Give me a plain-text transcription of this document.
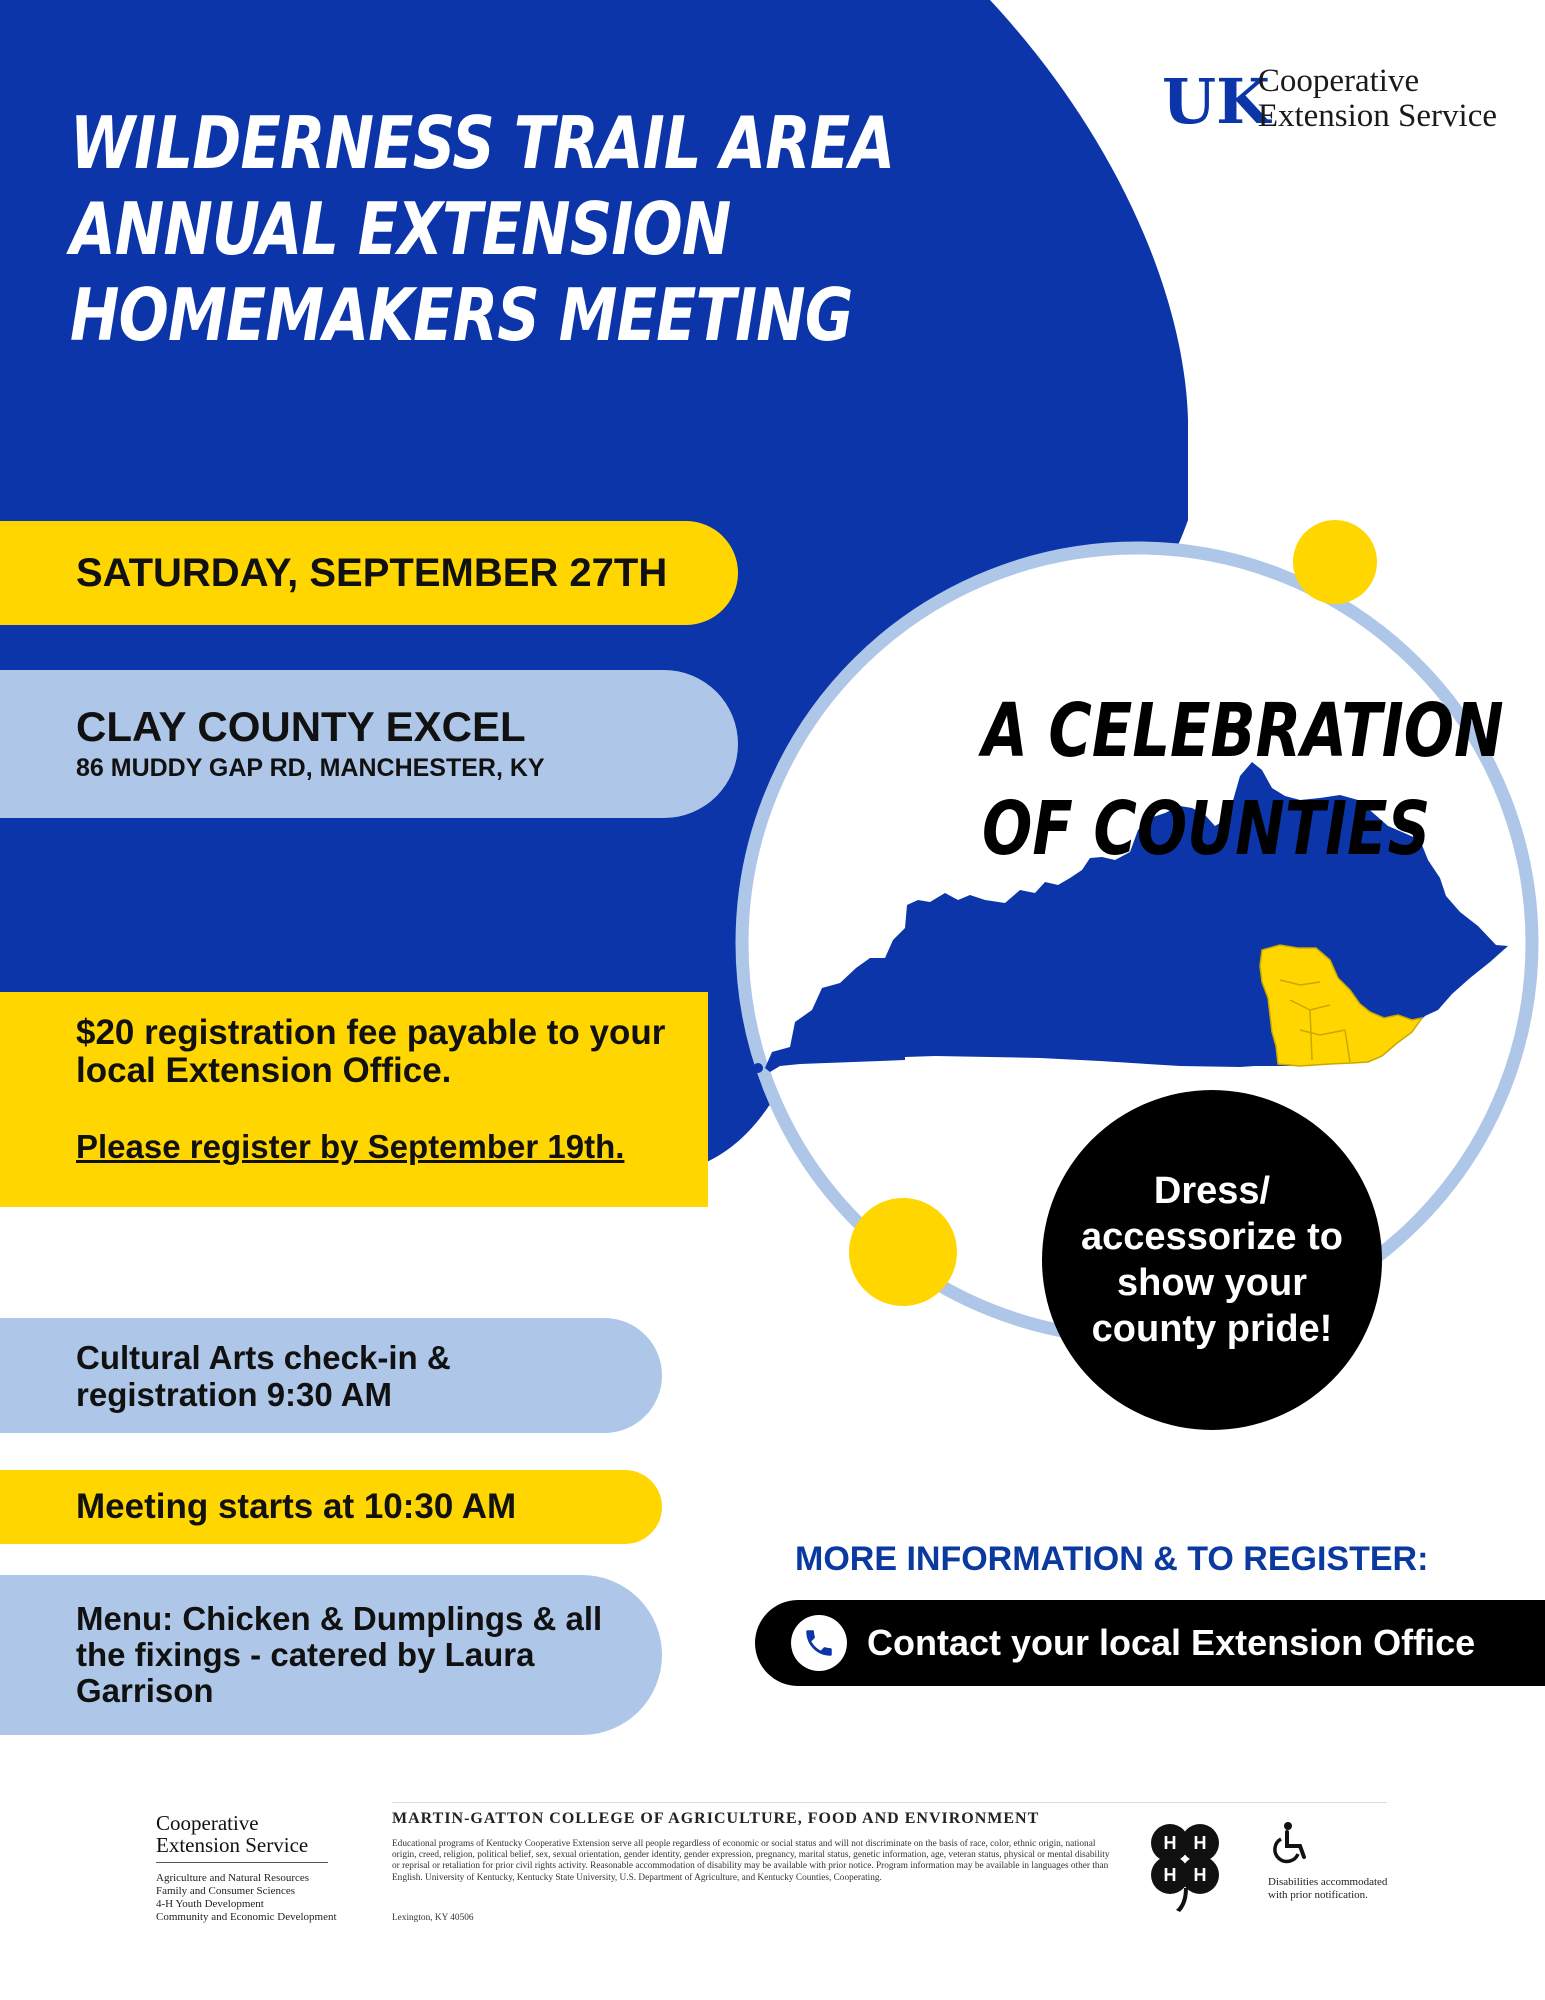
WILDERNESS TRAIL AREA
ANNUAL EXTENSION
HOMEMAKERS MEETING
UK
Cooperative
Extension Service
SATURDAY, SEPTEMBER 27TH
CLAY COUNTY EXCEL
86 MUDDY GAP RD, MANCHESTER, KY
$20 registration fee payable to your local Extension Office.
Please register by September 19th.
Cultural Arts check-in & registration 9:30 AM
Meeting starts at 10:30 AM
Menu: Chicken & Dumplings & all the fixings - catered by Laura Garrison
A CELEBRATION
OF COUNTIES
Dress/ accessorize to show your county pride!
MORE INFORMATION & TO REGISTER:
Contact your local Extension Office
Cooperative
Extension Service
Agriculture and Natural Resources
Family and Consumer Sciences
4-H Youth Development
Community and Economic Development
MARTIN-GATTON COLLEGE OF AGRICULTURE, FOOD AND ENVIRONMENT
Educational programs of Kentucky Cooperative Extension serve all people regardless of economic or social status and will not discriminate on the basis of race, color, ethnic origin, national origin, creed, religion, political belief, sex, sexual orientation, gender identity, gender expression, pregnancy, marital status, genetic information, age, veteran status, physical or mental disability or reprisal or retaliation for prior civil rights activity. Reasonable accommodation of disability may be available with prior notice. Program information may be available in languages other than English. University of Kentucky, Kentucky State University, U.S. Department of Agriculture, and Kentucky Counties, Cooperating.
Lexington, KY 40506
H H
H H	Disabilities accommodated with prior notification.
